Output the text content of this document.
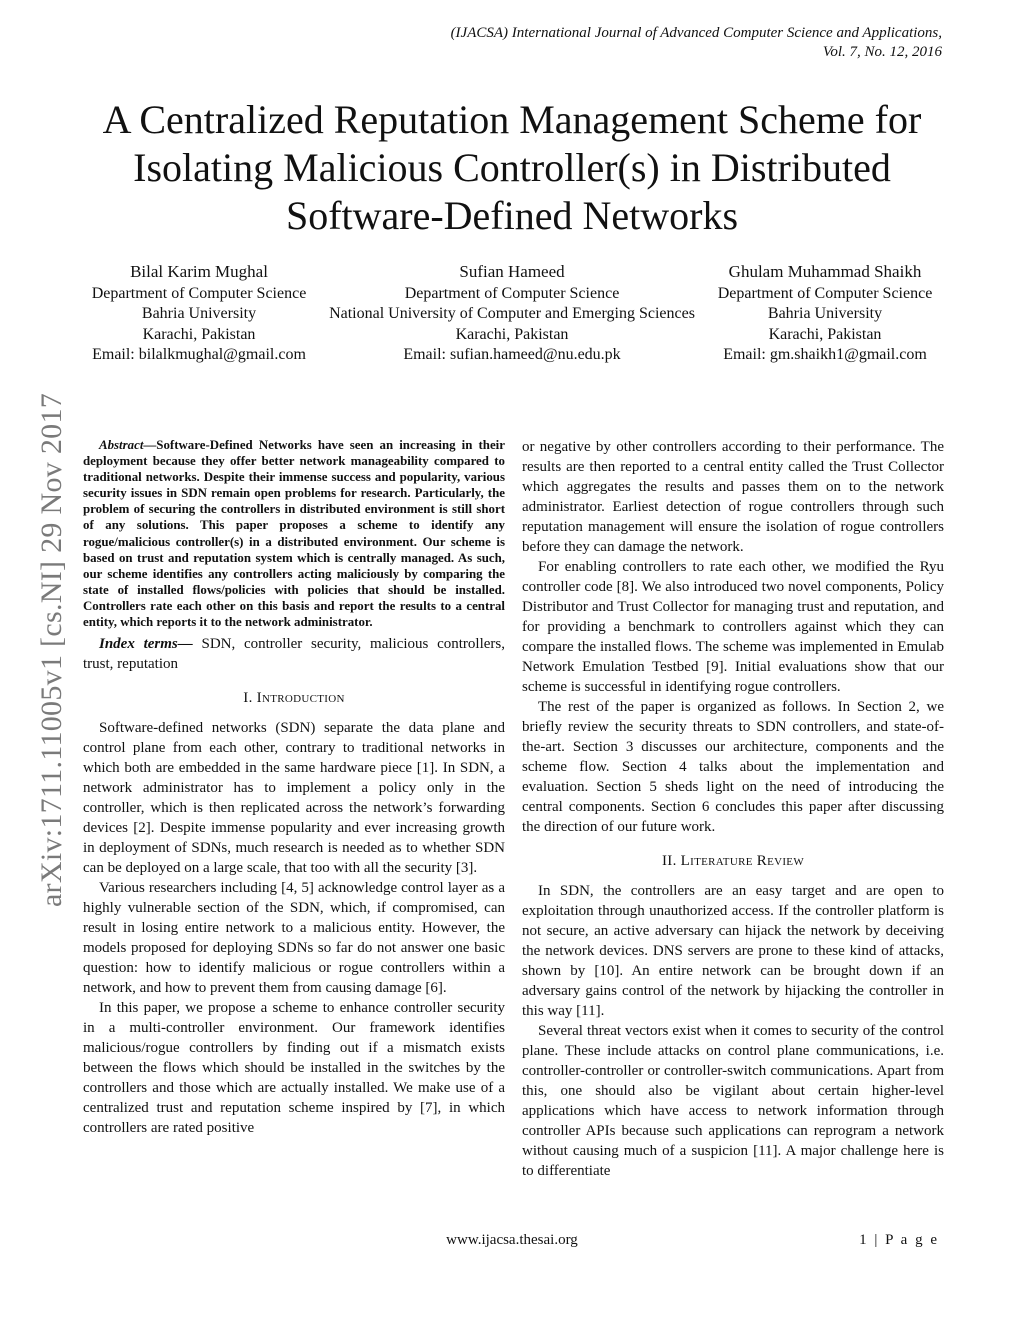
(IJACSA) International Journal of Advanced Computer Science and Applications,
Vol. 7, No. 12, 2016
A Centralized Reputation Management Scheme for
Isolating Malicious Controller(s) in Distributed
Software-Defined Networks
Bilal Karim Mughal
Department of Computer Science
Bahria University
Karachi, Pakistan
Email: bilalkmughal@gmail.com
Sufian Hameed
Department of Computer Science
National University of Computer and Emerging Sciences
Karachi, Pakistan
Email: sufian.hameed@nu.edu.pk
Ghulam Muhammad Shaikh
Department of Computer Science
Bahria University
Karachi, Pakistan
Email: gm.shaikh1@gmail.com
arXiv:1711.11005v1 [cs.NI] 29 Nov 2017	Abstract—Software-Defined Networks have seen an increasing in their deployment because they offer better network manageability compared to traditional networks. Despite their immense success and popularity, various security issues in SDN remain open problems for research. Particularly, the problem of securing the controllers in distributed environment is still short of any solutions. This paper proposes a scheme to identify any rogue/malicious controller(s) in a distributed environment. Our scheme is based on trust and reputation system which is centrally managed. As such, our scheme identifies any controllers acting maliciously by comparing the state of installed flows/policies with policies that should be installed. Controllers rate each other on this basis and report the results to a central entity, which reports it to the network administrator.

Index terms— SDN, controller security, malicious controllers, trust, reputation

I. Introduction

Software-defined networks (SDN) separate the data plane and control plane from each other, contrary to traditional networks in which both are embedded in the same hardware piece [1]. In SDN, a network administrator has to implement a policy only in the controller, which is then replicated across the network’s forwarding devices [2]. Despite immense popularity and ever increasing growth in deployment of SDNs, much research is needed as to whether SDN can be deployed on a large scale, that too with all the security [3].

Various researchers including [4, 5] acknowledge control layer as a highly vulnerable section of the SDN, which, if compromised, can result in losing entire network to a malicious entity. However, the models proposed for deploying SDNs so far do not answer one basic question: how to identify malicious or rogue controllers within a network, and how to prevent them from causing damage [6].

In this paper, we propose a scheme to enhance controller security in a multi-controller environment. Our framework identifies malicious/rogue controllers by finding out if a mismatch exists between the flows which should be installed in the switches by the controllers and those which are actually installed. We make use of a centralized trust and reputation scheme inspired by [7], in which controllers are rated positive

or negative by other controllers according to their performance. The results are then reported to a central entity called the Trust Collector which aggregates the results and passes them on to the network administrator. Earliest detection of rogue controllers through such reputation management will ensure the isolation of rogue controllers before they can damage the network.

For enabling controllers to rate each other, we modified the Ryu controller code [8]. We also introduced two novel components, Policy Distributor and Trust Collector for managing trust and reputation, and for providing a benchmark to controllers against which they can compare the installed flows. The scheme was implemented in Emulab Network Emulation Testbed [9]. Initial evaluations show that our scheme is successful in identifying rogue controllers.

The rest of the paper is organized as follows. In Section 2, we briefly review the security threats to SDN controllers, and state-of-the-art. Section 3 discusses our architecture, components and the scheme flow. Section 4 talks about the implementation and evaluation. Section 5 sheds light on the need of introducing the central components. Section 6 concludes this paper after discussing the direction of our future work.

II. Literature Review

In SDN, the controllers are an easy target and are open to exploitation through unauthorized access. If the controller platform is not secure, an active adversary can hijack the network by deceiving the network devices. DNS servers are prone to these kind of attacks, shown by [10]. An entire network can be brought down if an adversary gains control of the network by hijacking the controller in this way [11].

Several threat vectors exist when it comes to security of the control plane. These include attacks on control plane communications, i.e. controller-controller or controller-switch communications. Apart from this, one should also be vigilant about certain higher-level applications which have access to network information through controller APIs because such applications can reprogram a network without causing much of a suspicion [11]. A major challenge here is to differentiate

www.ijacsa.thesai.org	1 | P a g e
